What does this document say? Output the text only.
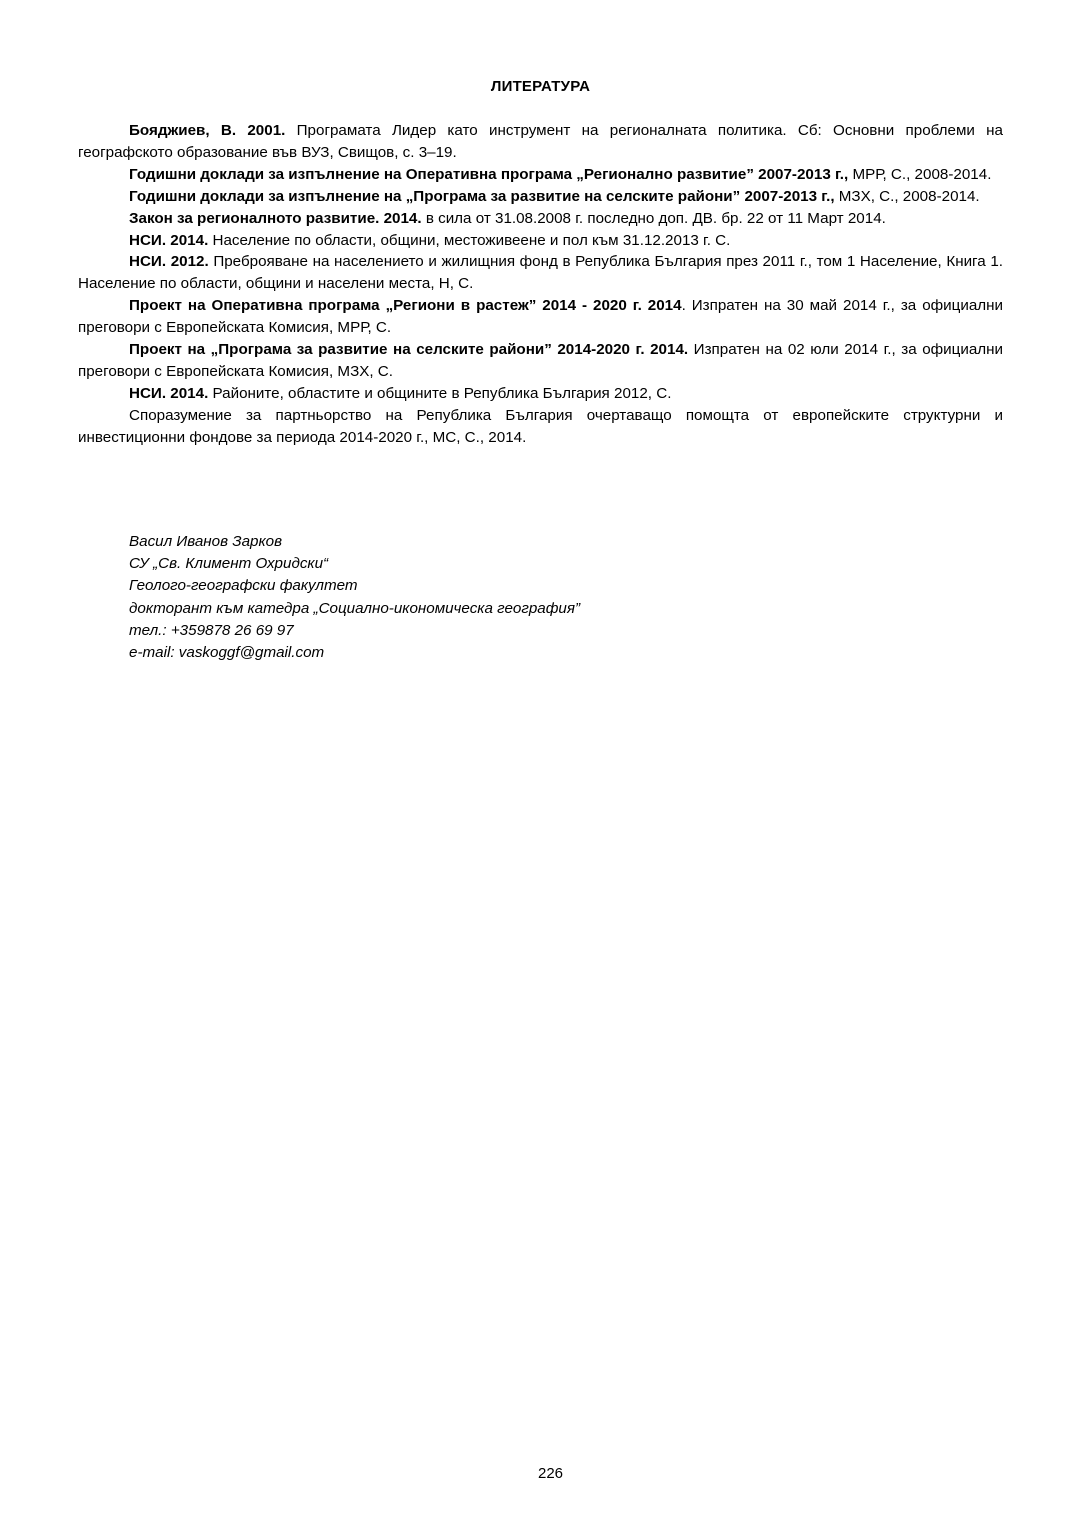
ЛИТЕРАТУРА

Бояджиев, В. 2001. Програмата Лидер като инструмент на регионалната политика. Сб: Основни проблеми на географското образование във ВУЗ, Свищов, с. 3–19.

Годишни доклади за изпълнение на Оперативна програма „Регионално развитие” 2007-2013 г., МРР, С., 2008-2014.

Годишни доклади за изпълнение на „Програма за развитие на селските райони” 2007-2013 г., МЗХ, С., 2008-2014.

Закон за регионалното развитие. 2014. в сила от 31.08.2008 г. последно доп. ДВ. бр. 22 от 11 Март 2014.

НСИ. 2014. Население по области, общини, местоживеене и пол към 31.12.2013 г. С.

НСИ. 2012. Преброяване на населението и жилищния фонд в Република България през 2011 г., том 1 Население, Книга 1. Население по области, общини и населени места, Н, С.

Проект на Оперативна програма „Региони в растеж” 2014 - 2020 г. 2014. Изпратен на 30 май 2014 г., за официални преговори с Европейската Комисия, МРР, С.

Проект на „Програма за развитие на селските райони” 2014-2020 г. 2014. Изпратен на 02 юли 2014 г., за официални преговори с Европейската Комисия, МЗХ, С.

НСИ. 2014. Районите, областите и общините в Република България 2012, С.

Споразумение за партньорство на Република България очертаващо помощта от европейските структурни и инвестиционни фондове за периода 2014-2020 г., МС, С., 2014.

Васил Иванов Зарков
СУ „Св. Климент Охридски“
Геолого-географски факултет
докторант към катедра „Социално-икономическа география”
тел.: +359878 26 69 97
e-mail: vaskoggf@gmail.com
226
